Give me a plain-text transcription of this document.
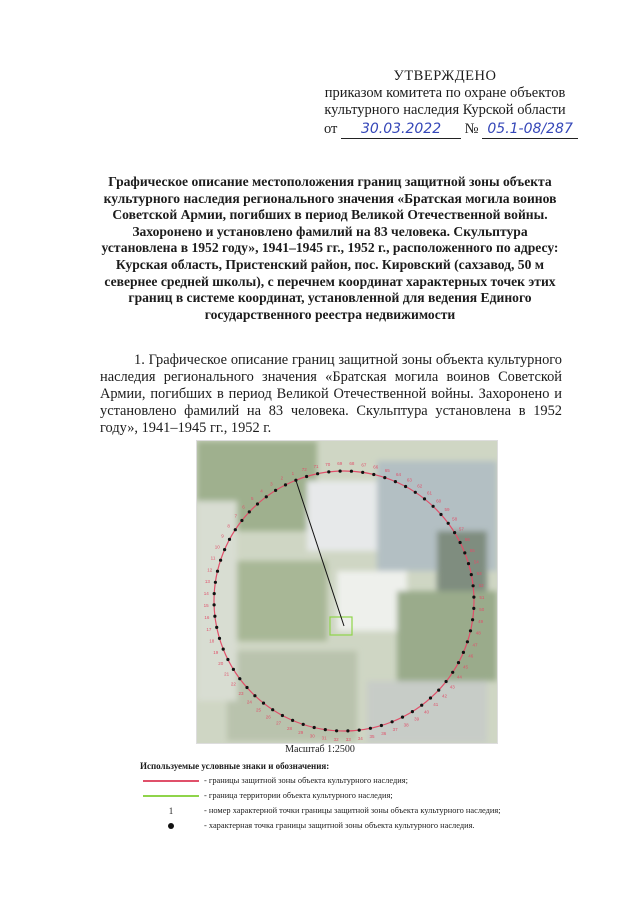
УТВЕРЖДЕНО
приказом комитета по охране объектов
культурного наследия Курской области
от 30.03.2022 № 05.1-08/287
Графическое описание местоположения границ защитной зоны объекта культурного наследия регионального значения «Братская могила воинов Советской Армии, погибших в период Великой Отечественной войны. Захоронено и установлено фамилий на 83 человека. Скульптура установлена в 1952 году», 1941–1945 гг., 1952 г., расположенного по адресу: Курская область, Пристенский район, пос. Кировский (сахзавод, 50 м севернее средней школы), с перечнем координат характерных точек этих границ в системе координат, установленной для ведения Единого государственного реестра недвижимости
1. Графическое описание границ защитной зоны объекта культурного наследия регионального значения «Братская могила воинов Советской Армии, погибших в период Великой Отечественной войны. Захоронено и установлено фамилий на 83 человека. Скульптура установлена в 1952 году», 1941–1945 гг., 1952 г.
1
2
3
4
5
6
7
8
9
10
11
12
13
14
15
16
17
18
19
20
21
22
23
24
25
26
27
28
29
30 31 32 33 34 35
36
37
38
39
40
41
42
43
44
45
46
47
48
49
50
51
52
53
54
55
56
57
58
59
60
61
62
63
64
65
66
67
68
69
70
71
72
Масштаб 1:2500
Используемые условные знаки и обозначения:
- границы защитной зоны объекта культурного наследия;
- граница территории объекта культурного наследия;
1	- номер характерной точки границы защитной зоны объекта культурного наследия;
- характерная точка границы защитной зоны объекта культурного наследия.
